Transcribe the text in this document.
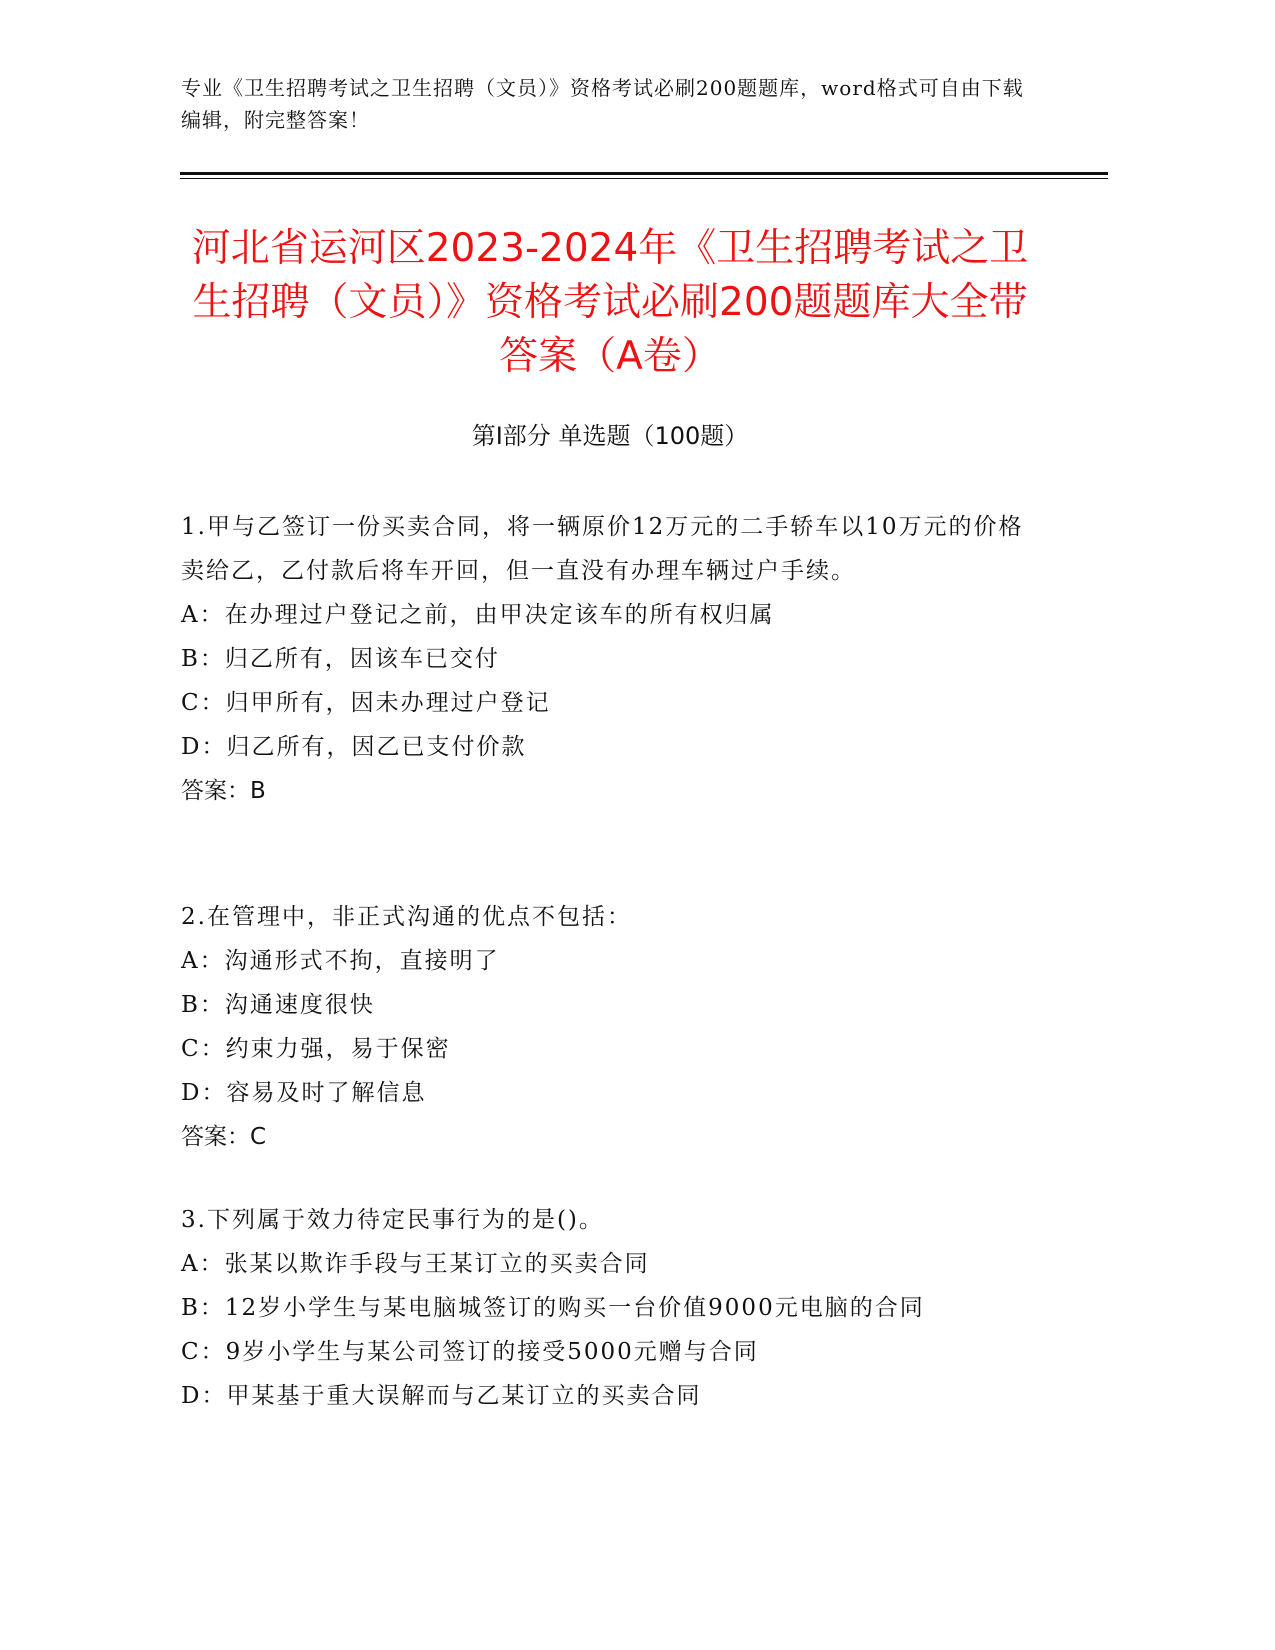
专业《卫生招聘考试之卫生招聘（文员）》资格考试必刷200题题库，word格式可自由下载编辑，附完整答案！
河北省运河区2023-2024年《卫生招聘考试之卫生招聘（文员）》资格考试必刷200题题库大全带答案（A卷）
第Ⅰ部分 单选题（100题）

1.甲与乙签订一份买卖合同，将一辆原价12万元的二手轿车以10万元的价格卖给乙，乙付款后将车开回，但一直没有办理车辆过户手续。

A：在办理过户登记之前，由甲决定该车的所有权归属

B：归乙所有，因该车已交付

C：归甲所有，因未办理过户登记

D：归乙所有，因乙已支付价款

答案：B

2.在管理中，非正式沟通的优点不包括：

A：沟通形式不拘，直接明了

B：沟通速度很快

C：约束力强，易于保密

D：容易及时了解信息

答案：C

3.下列属于效力待定民事行为的是()。

A：张某以欺诈手段与王某订立的买卖合同

B：12岁小学生与某电脑城签订的购买一台价值9000元电脑的合同

C：9岁小学生与某公司签订的接受5000元赠与合同

D：甲某基于重大误解而与乙某订立的买卖合同
